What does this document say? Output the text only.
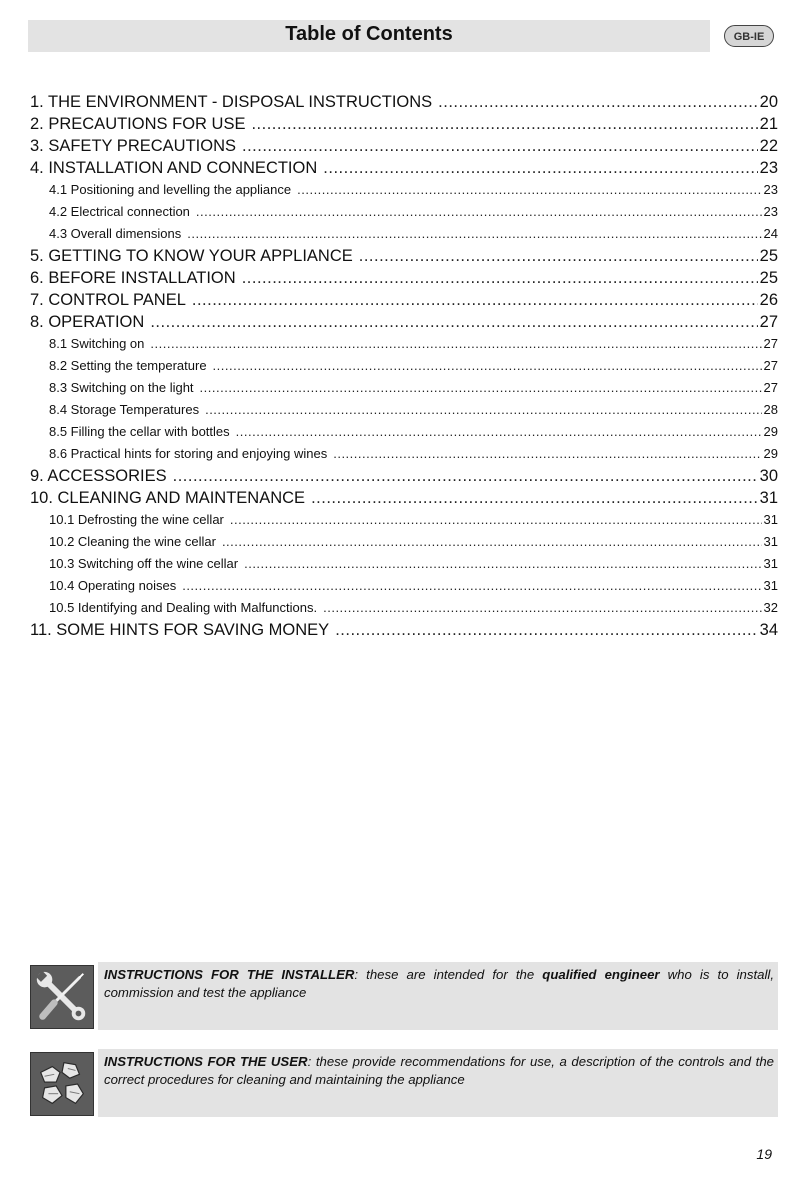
Table of Contents	GB-IE
1. THE ENVIRONMENT - DISPOSAL INSTRUCTIONS .....	20
2. PRECAUTIONS FOR USE .....	21
3. SAFETY PRECAUTIONS .....	22
4. INSTALLATION AND CONNECTION .....	23
4.1 Positioning and levelling the appliance .....	23
4.2 Electrical connection .....	23
4.3 Overall dimensions .....	24
5. GETTING TO KNOW YOUR APPLIANCE .....	25
6. BEFORE INSTALLATION .....	25
7. CONTROL PANEL .....	26
8. OPERATION .....	27
8.1 Switching on .....	27
8.2 Setting the temperature .....	27
8.3 Switching on the light .....	27
8.4 Storage Temperatures .....	28
8.5 Filling the cellar with bottles .....	29
8.6 Practical hints for storing and enjoying wines .....	29
9. ACCESSORIES .....	30
10. CLEANING AND MAINTENANCE .....	31
10.1 Defrosting the wine cellar .....	31
10.2 Cleaning the wine cellar .....	31
10.3 Switching off the wine cellar .....	31
10.4 Operating noises .....	31
10.5 Identifying and Dealing with Malfunctions. .....	32
11. SOME HINTS FOR SAVING MONEY .....	34
INSTRUCTIONS FOR THE INSTALLER: these are intended for the qualified engineer who is to install, commission and test the appliance
INSTRUCTIONS FOR THE USER: these provide recommendations for use, a description of the controls and the correct procedures for cleaning and maintaining the appliance
19
